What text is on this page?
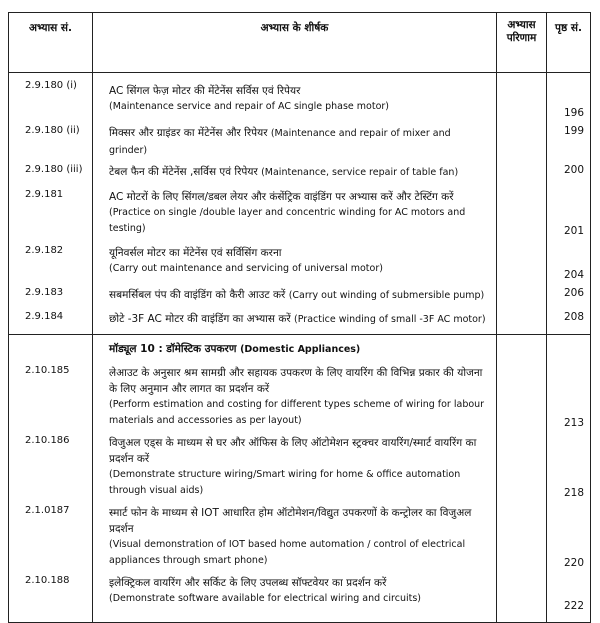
अभ्यास सं.	अभ्यास के शीर्षक	अभ्यास
परिणाम	पृष्ठ सं.
2.9.180 (i)	AC सिंगल फेज़ मोटर की मेंटेनेंस सर्विस एवं रिपेयर
(Maintenance service and repair of AC single phase motor)		196
2.9.180 (ii)	मिक्सर और ग्राइंडर का मेंटेनेंस और रिपेयर (Maintenance and repair of mixer and grinder)		199
2.9.180 (iii)	टेबल फैन की मेंटेनेंस ,सर्विस एवं रिपेयर (Maintenance, service repair of table fan)		200
2.9.181	AC मोटरों के लिए सिंगल/डबल लेयर और कंसेंट्रिक वाइंडिंग पर अभ्यास करें और टेस्टिंग करें
(Practice on single /double layer and concentric winding for AC motors and testing)		201
2.9.182	यूनिवर्सल मोटर का मेंटेनेंस एवं सर्विसिंग करना
(Carry out maintenance and servicing of universal motor)		204
2.9.183	सबमर्सिबल पंप की वाइंडिंग को कैरी आउट करें (Carry out winding of submersible pump)		206
2.9.184	छोटे -3F AC मोटर की वाइंडिंग का अभ्यास करें (Practice winding of small -3F AC motor)		208
	मॉड्यूल 10 : डॉमेस्टिक उपकरण (Domestic Appliances)		
2.10.185	लेआउट के अनुसार श्रम सामग्री और सहायक उपकरण के लिए वायरिंग की विभिन्न प्रकार की योजना के लिए अनुमान और लागत का प्रदर्शन करें
(Perform estimation and costing for different types scheme of wiring for labour materials and accessories as per layout)		213
2.10.186	विजुअल एड्स के माध्यम से घर और ऑफिस के लिए ऑटोमेशन स्ट्रक्चर वायरिंग/स्मार्ट वायरिंग का प्रदर्शन करें
(Demonstrate structure wiring/Smart wiring for home & office automation through visual aids)		218
2.1.0187	स्मार्ट फोन के माध्यम से IOT आधारित होम ऑटोमेशन/विद्युत उपकरणों के कन्ट्रोलर का विजुअल प्रदर्शन
(Visual demonstration of IOT based home automation / control of electrical appliances through smart phone)		220
2.10.188	इलेक्ट्रिकल वायरिंग और सर्किट के लिए उपलब्ध सॉफ्टवेयर का प्रदर्शन करें
(Demonstrate software available for electrical wiring and circuits)		222
